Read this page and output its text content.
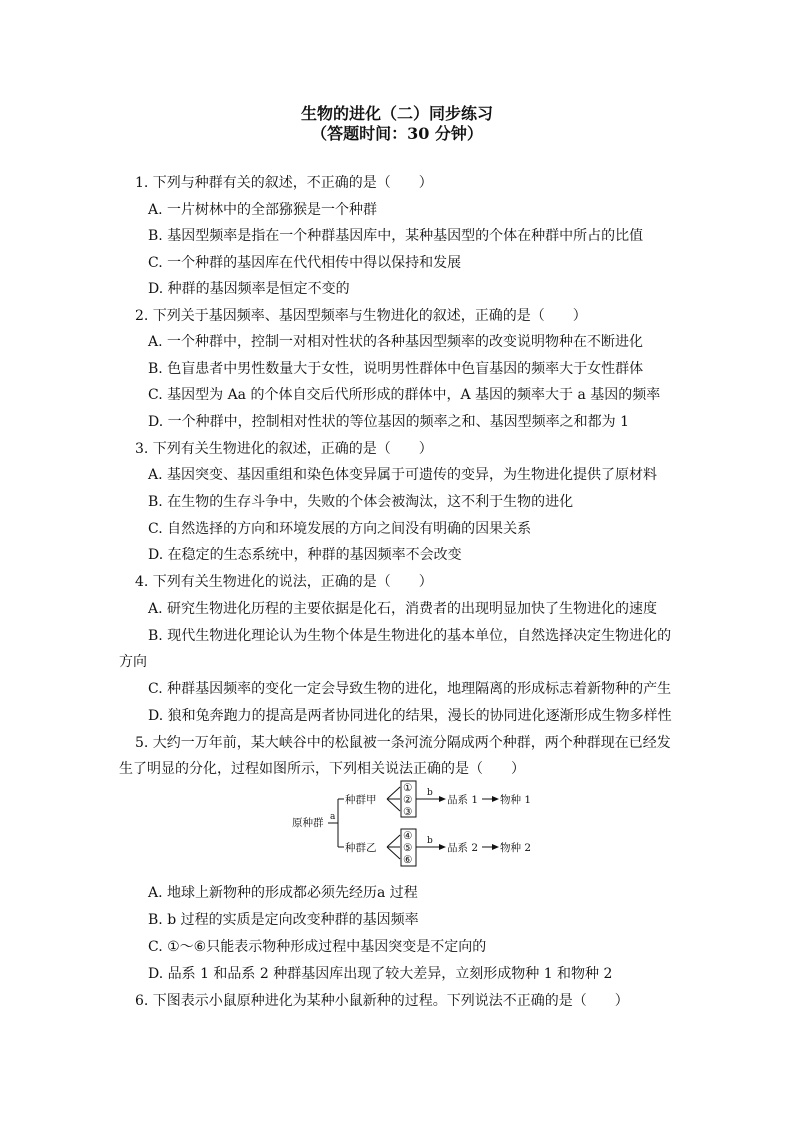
生物的进化（二）同步练习
（答题时间：30 分钟）
1. 下列与种群有关的叙述，不正确的是（　　）
A. 一片树林中的全部猕猴是一个种群
B. 基因型频率是指在一个种群基因库中，某种基因型的个体在种群中所占的比值
C. 一个种群的基因库在代代相传中得以保持和发展
D. 种群的基因频率是恒定不变的
2. 下列关于基因频率、基因型频率与生物进化的叙述，正确的是（　　）
A. 一个种群中，控制一对相对性状的各种基因型频率的改变说明物种在不断进化
B. 色盲患者中男性数量大于女性，说明男性群体中色盲基因的频率大于女性群体
C. 基因型为 Aa 的个体自交后代所形成的群体中，A 基因的频率大于 a 基因的频率
D. 一个种群中，控制相对性状的等位基因的频率之和、基因型频率之和都为 1
3. 下列有关生物进化的叙述，正确的是（　　）
A. 基因突变、基因重组和染色体变异属于可遗传的变异，为生物进化提供了原材料
B. 在生物的生存斗争中，失败的个体会被淘汰，这不利于生物的进化
C. 自然选择的方向和环境发展的方向之间没有明确的因果关系
D. 在稳定的生态系统中，种群的基因频率不会改变
4. 下列有关生物进化的说法，正确的是（　　）
A. 研究生物进化历程的主要依据是化石，消费者的出现明显加快了生物进化的速度
B. 现代生物进化理论认为生物个体是生物进化的基本单位，自然选择决定生物进化的
方向
C. 种群基因频率的变化一定会导致生物的进化，地理隔离的形成标志着新物种的产生
D. 狼和兔奔跑力的提高是两者协同进化的结果，漫长的协同进化逐渐形成生物多样性
5. 大约一万年前，某大峡谷中的松鼠被一条河流分隔成两个种群，两个种群现在已经发
生了明显的分化，过程如图所示，下列相关说法正确的是（　　）
原种群 a
种群甲
①
②
③
b
品系 1 物种 1
种群乙
④
⑤
⑥
b
品系 2 物种 2
A. 地球上新物种的形成都必须先经历a 过程
B. b 过程的实质是定向改变种群的基因频率
C. ①～⑥只能表示物种形成过程中基因突变是不定向的
D. 品系 1 和品系 2 种群基因库出现了较大差异，立刻形成物种 1 和物种 2
6. 下图表示小鼠原种进化为某种小鼠新种的过程。下列说法不正确的是（　　）
